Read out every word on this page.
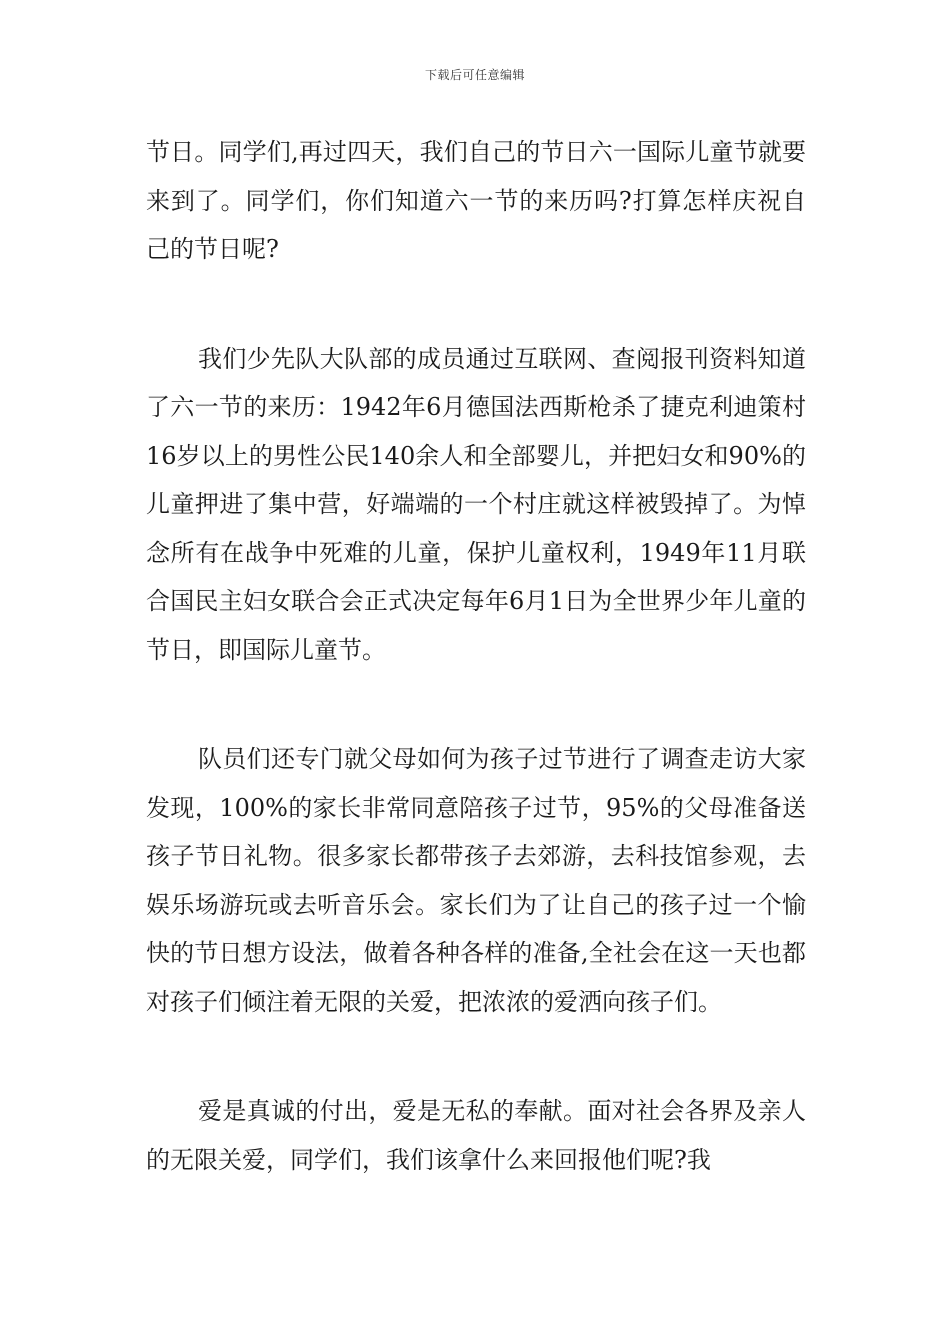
下载后可任意编辑

节日。同学们,再过四天，我们自己的节日六一国际儿童节就要来到了。同学们，你们知道六一节的来历吗?打算怎样庆祝自己的节日呢?

我们少先队大队部的成员通过互联网、查阅报刊资料知道了六一节的来历：1942年6月德国法西斯枪杀了捷克利迪策村16岁以上的男性公民140余人和全部婴儿，并把妇女和90%的儿童押进了集中营，好端端的一个村庄就这样被毁掉了。为悼念所有在战争中死难的儿童，保护儿童权利，1949年11月联合国民主妇女联合会正式决定每年6月1日为全世界少年儿童的节日，即国际儿童节。

队员们还专门就父母如何为孩子过节进行了调查走访大家发现，100%的家长非常同意陪孩子过节，95%的父母准备送孩子节日礼物。很多家长都带孩子去郊游，去科技馆参观，去娱乐场游玩或去听音乐会。家长们为了让自己的孩子过一个愉快的节日想方设法，做着各种各样的准备,全社会在这一天也都对孩子们倾注着无限的关爱，把浓浓的爱洒向孩子们。

爱是真诚的付出，爱是无私的奉献。面对社会各界及亲人的无限关爱，同学们，我们该拿什么来回报他们呢?我
